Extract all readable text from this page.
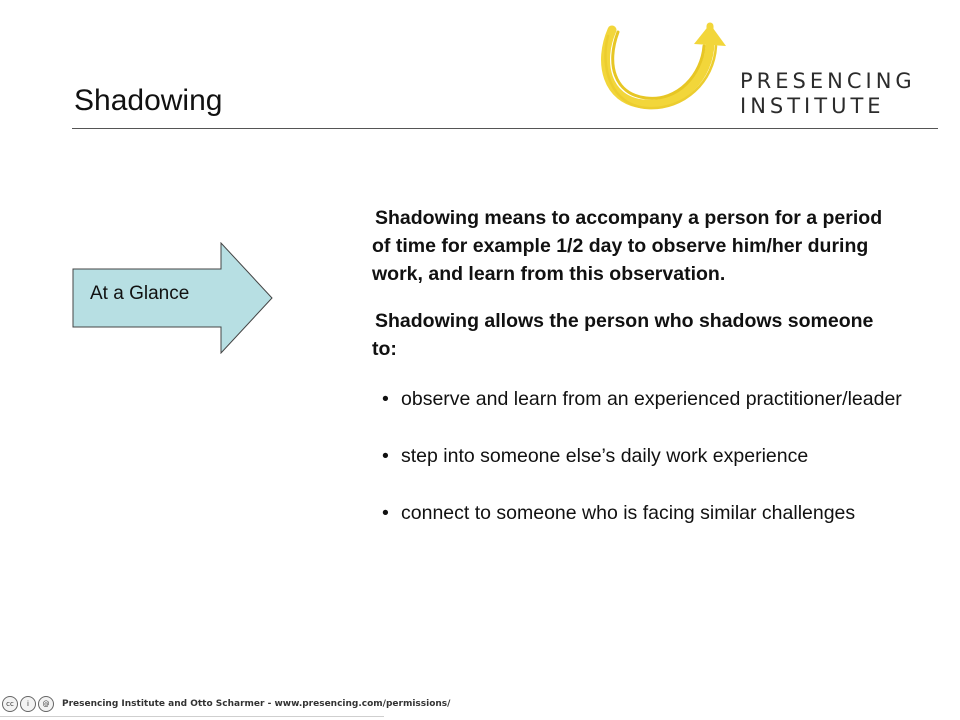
Shadowing
PRESENCING
INSTITUTE
At a Glance

Shadowing means to accompany a person for a period of time for example 1/2 day to observe him/her during work, and learn from this observation.

Shadowing allows the person who shadows someone to:

• observe and learn from an experienced practitioner/leader
• step into someone else’s daily work experience
• connect to someone who is facing similar challenges
cc	i	@	Presencing Institute and Otto Scharmer - www.presencing.com/permissions/
